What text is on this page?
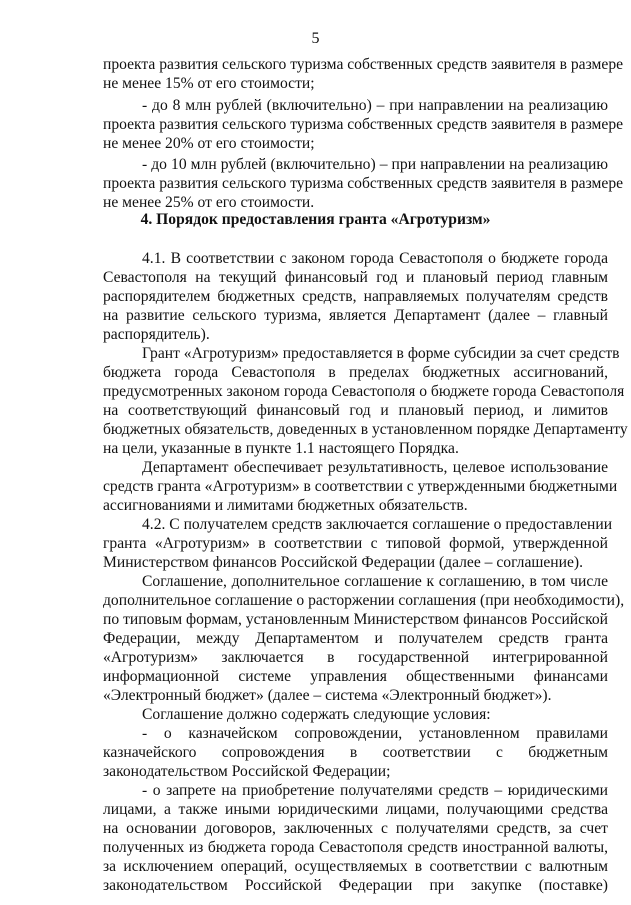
5
проекта развития сельского туризма собственных средств заявителя в размере
не менее 15% от его стоимости;
- до 8 млн рублей (включительно) – при направлении на реализацию
проекта развития сельского туризма собственных средств заявителя в размере
не менее 20% от его стоимости;
- до 10 млн рублей (включительно) – при направлении на реализацию
проекта развития сельского туризма собственных средств заявителя в размере
не менее 25% от его стоимости.
4. Порядок предоставления гранта «Агротуризм»
4.1. В соответствии с законом города Севастополя о бюджете города
Севастополя на текущий финансовый год и плановый период главным
распорядителем бюджетных средств, направляемых получателям средств
на развитие сельского туризма, является Департамент (далее – главный
распорядитель).
Грант «Агротуризм» предоставляется в форме субсидии за счет средств
бюджета города Севастополя в пределах бюджетных ассигнований,
предусмотренных законом города Севастополя о бюджете города Севастополя
на соответствующий финансовый год и плановый период, и лимитов
бюджетных обязательств, доведенных в установленном порядке Департаменту
на цели, указанные в пункте 1.1 настоящего Порядка.
Департамент обеспечивает результативность, целевое использование
средств гранта «Агротуризм» в соответствии с утвержденными бюджетными
ассигнованиями и лимитами бюджетных обязательств.
4.2. С получателем средств заключается соглашение о предоставлении
гранта «Агротуризм» в соответствии с типовой формой, утвержденной
Министерством финансов Российской Федерации (далее – соглашение).
Соглашение, дополнительное соглашение к соглашению, в том числе
дополнительное соглашение о расторжении соглашения (при необходимости),
по типовым формам, установленным Министерством финансов Российской
Федерации, между Департаментом и получателем средств гранта
«Агротуризм» заключается в государственной интегрированной
информационной системе управления общественными финансами
«Электронный бюджет» (далее – система «Электронный бюджет»).
Соглашение должно содержать следующие условия:
- о казначейском сопровождении, установленном правилами
казначейского сопровождения в соответствии с бюджетным
законодательством Российской Федерации;
- о запрете на приобретение получателями средств – юридическими
лицами, а также иными юридическими лицами, получающими средства
на основании договоров, заключенных с получателями средств, за счет
полученных из бюджета города Севастополя средств иностранной валюты,
за исключением операций, осуществляемых в соответствии с валютным
законодательством Российской Федерации при закупке (поставке)
